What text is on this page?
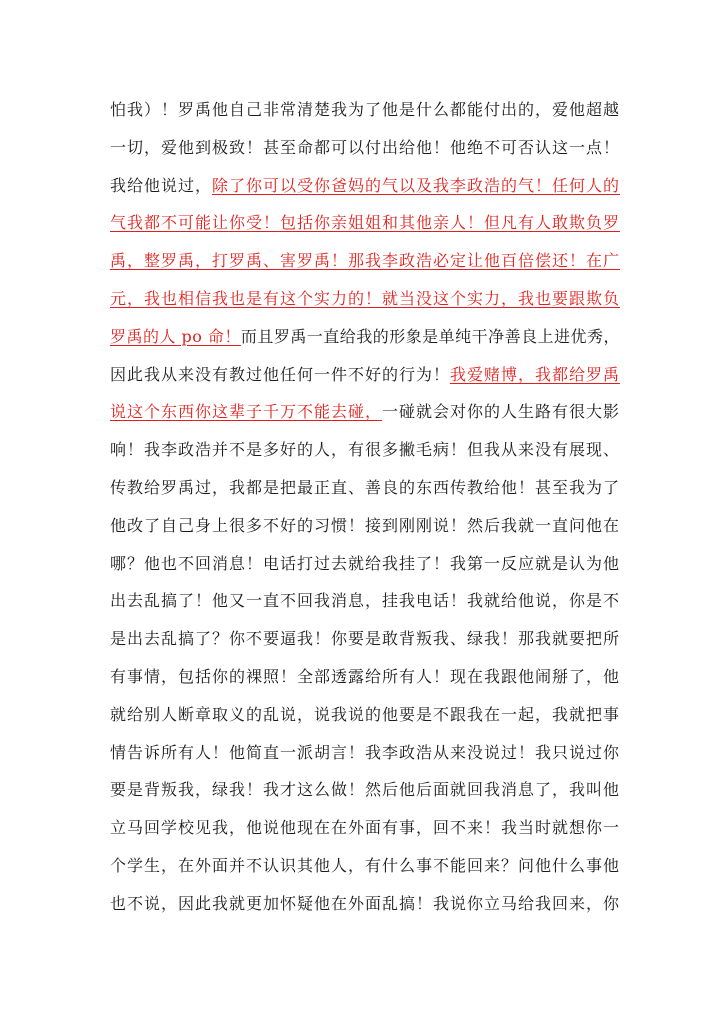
怕我）！罗禹他自己非常清楚我为了他是什么都能付出的，爱他超越
一切，爱他到极致！甚至命都可以付出给他！他绝不可否认这一点！
我给他说过，除了你可以受你爸妈的气以及我李政浩的气！任何人的
气我都不可能让你受！包括你亲姐姐和其他亲人！但凡有人敢欺负罗
禹，整罗禹，打罗禹、害罗禹！那我李政浩必定让他百倍偿还！在广
元，我也相信我也是有这个实力的！就当没这个实力，我也要跟欺负
罗禹的人 po 命！而且罗禹一直给我的形象是单纯干净善良上进优秀，
因此我从来没有教过他任何一件不好的行为！我爱赌博，我都给罗禹
说这个东西你这辈子千万不能去碰，一碰就会对你的人生路有很大影
响！我李政浩并不是多好的人，有很多撇毛病！但我从来没有展现、
传教给罗禹过，我都是把最正直、善良的东西传教给他！甚至我为了
他改了自己身上很多不好的习惯！接到刚刚说！然后我就一直问他在
哪？他也不回消息！电话打过去就给我挂了！我第一反应就是认为他
出去乱搞了！他又一直不回我消息，挂我电话！我就给他说，你是不
是出去乱搞了？你不要逼我！你要是敢背叛我、绿我！那我就要把所
有事情，包括你的裸照！全部透露给所有人！现在我跟他闹掰了，他
就给别人断章取义的乱说，说我说的他要是不跟我在一起，我就把事
情告诉所有人！他简直一派胡言！我李政浩从来没说过！我只说过你
要是背叛我，绿我！我才这么做！然后他后面就回我消息了，我叫他
立马回学校见我，他说他现在在外面有事，回不来！我当时就想你一
个学生，在外面并不认识其他人，有什么事不能回来？问他什么事他
也不说，因此我就更加怀疑他在外面乱搞！我说你立马给我回来，你
